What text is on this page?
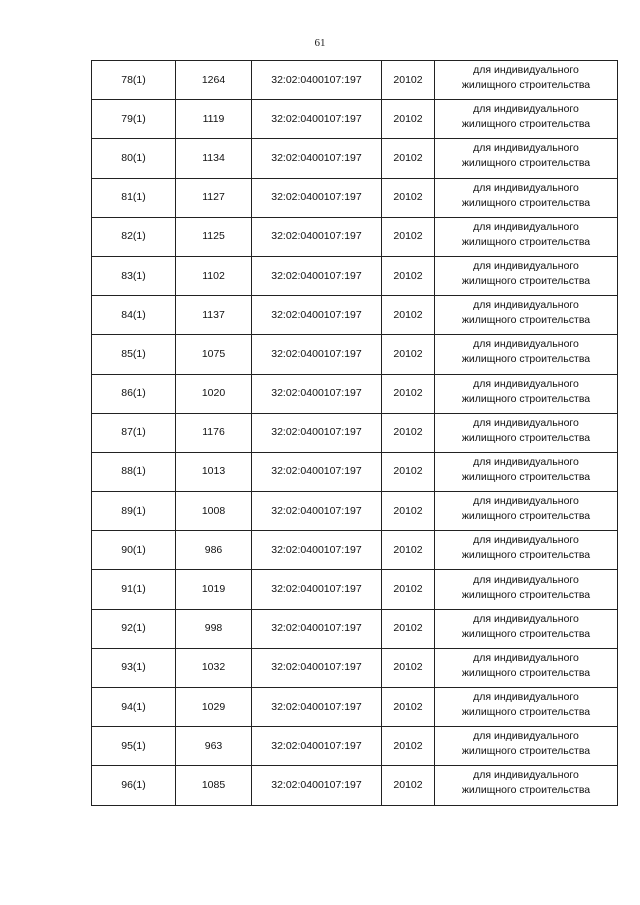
61
78(1)	1264	32:02:0400107:197	20102	для индивидуального
жилищного строительства

79(1)	1119	32:02:0400107:197	20102	для индивидуального
жилищного строительства

80(1)	1134	32:02:0400107:197	20102	для индивидуального
жилищного строительства

81(1)	1127	32:02:0400107:197	20102	для индивидуального
жилищного строительства

82(1)	1125	32:02:0400107:197	20102	для индивидуального
жилищного строительства

83(1)	1102	32:02:0400107:197	20102	для индивидуального
жилищного строительства

84(1)	1137	32:02:0400107:197	20102	для индивидуального
жилищного строительства

85(1)	1075	32:02:0400107:197	20102	для индивидуального
жилищного строительства

86(1)	1020	32:02:0400107:197	20102	для индивидуального
жилищного строительства

87(1)	1176	32:02:0400107:197	20102	для индивидуального
жилищного строительства

88(1)	1013	32:02:0400107:197	20102	для индивидуального
жилищного строительства

89(1)	1008	32:02:0400107:197	20102	для индивидуального
жилищного строительства

90(1)	986	32:02:0400107:197	20102	для индивидуального
жилищного строительства

91(1)	1019	32:02:0400107:197	20102	для индивидуального
жилищного строительства

92(1)	998	32:02:0400107:197	20102	для индивидуального
жилищного строительства

93(1)	1032	32:02:0400107:197	20102	для индивидуального
жилищного строительства

94(1)	1029	32:02:0400107:197	20102	для индивидуального
жилищного строительства

95(1)	963	32:02:0400107:197	20102	для индивидуального
жилищного строительства

96(1)	1085	32:02:0400107:197	20102	для индивидуального
жилищного строительства
